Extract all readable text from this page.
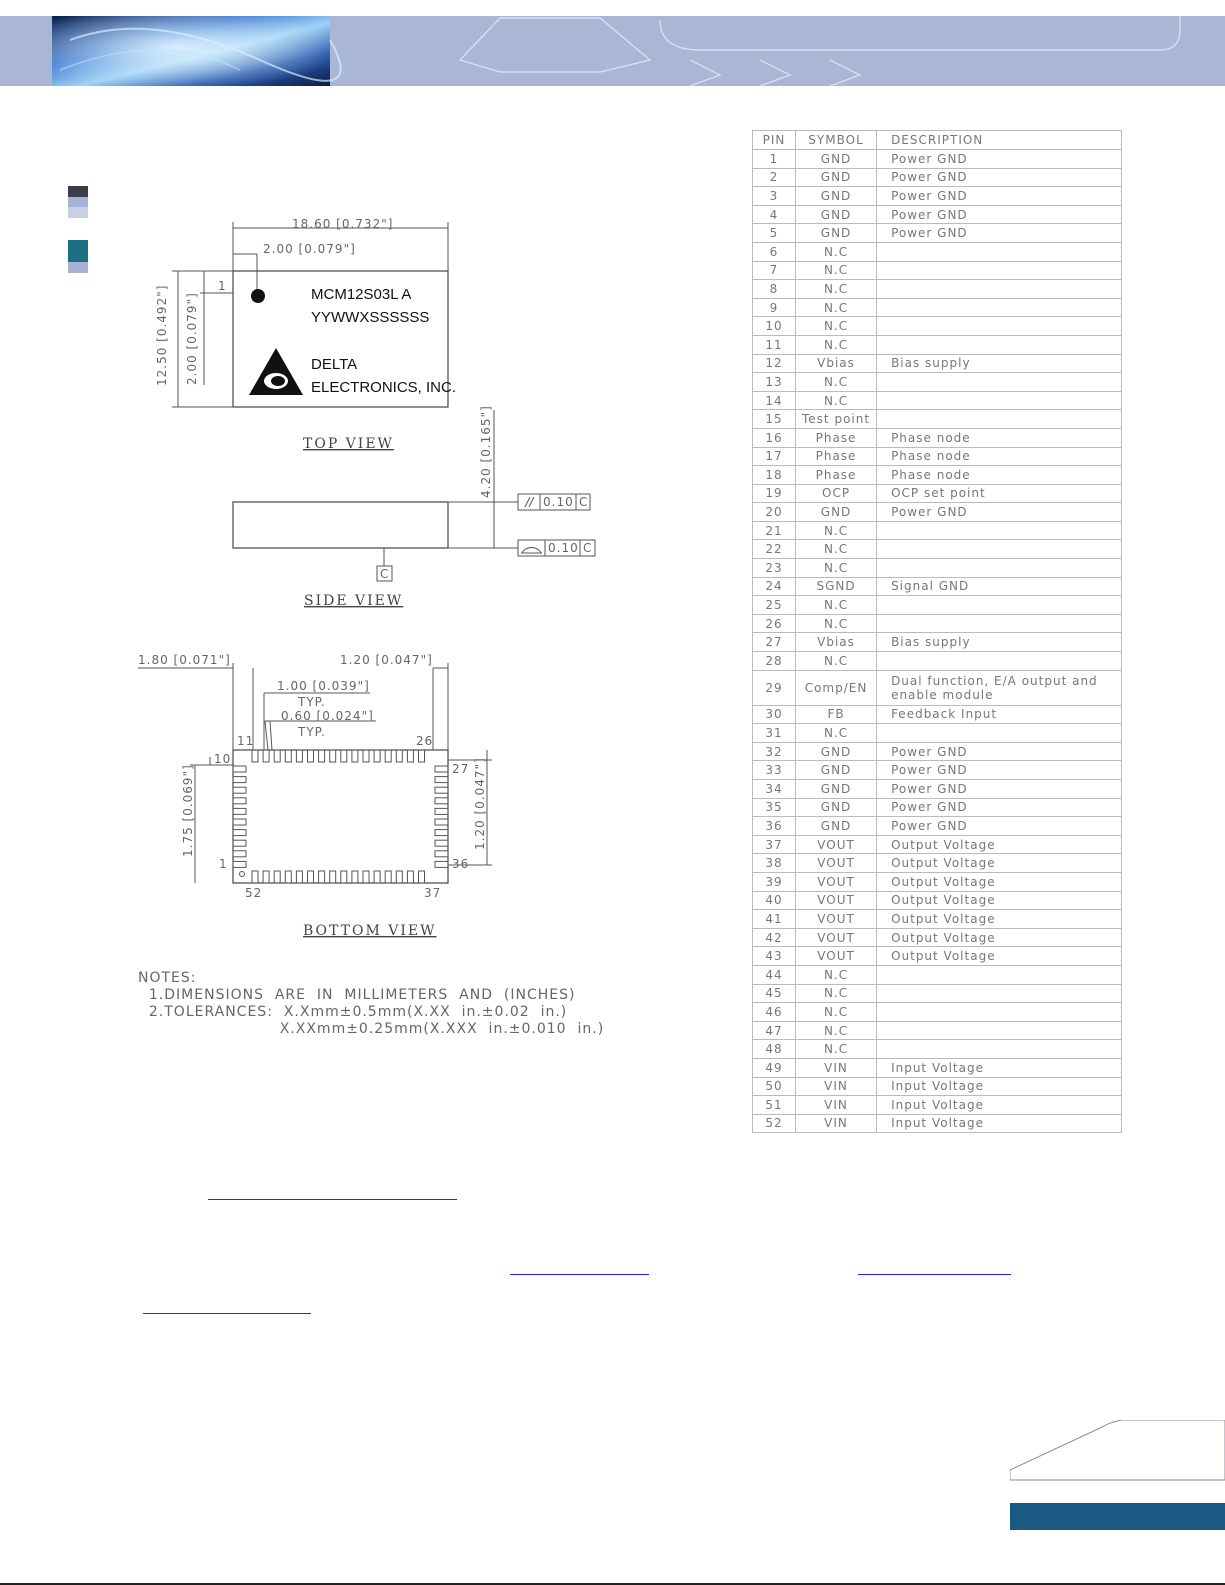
18.60 [0.732"]
2.00 [0.079"]
1
12.50 [0.492"] 2.00 [0.079"]	MCM12S03L A
YYWWXSSSSSS
DELTA
ELECTRONICS, INC.
TOP VIEW	4.20 [0.165"]
0.10 C
0.10 C
C
SIDE VIEW
1.80 [0.071"]	1.20 [0.047"]
1.00 [0.039"]
TYP.
0.60 [0.024"]
TYP.
11	26
10
27
1.75 [0.069"]	1.20 [0.047"]
1	36
52	37
BOTTOM VIEW
NOTES:
1.DIMENSIONS  ARE  IN  MILLIMETERS  AND  (INCHES)
2.TOLERANCES:  X.Xmm±0.5mm(X.XX  in.±0.02  in.)
X.XXmm±0.25mm(X.XXX  in.±0.010  in.)
PIN	SYMBOL	DESCRIPTION
1	GND	Power GND
2	GND	Power GND
3	GND	Power GND
4	GND	Power GND
5	GND	Power GND
6	N.C	
7	N.C	
8	N.C	
9	N.C	
10	N.C	
11	N.C	
12	Vbias	Bias supply
13	N.C	
14	N.C	
15	Test point	
16	Phase	Phase node
17	Phase	Phase node
18	Phase	Phase node
19	OCP	OCP set point
20	GND	Power GND
21	N.C	
22	N.C	
23	N.C	
24	SGND	Signal GND
25	N.C	
26	N.C	
27	Vbias	Bias supply
28	N.C	
29	Comp/EN	Dual function, E/A output and enable module
30	FB	Feedback Input
31	N.C	
32	GND	Power GND
33	GND	Power GND
34	GND	Power GND
35	GND	Power GND
36	GND	Power GND
37	VOUT	Output Voltage
38	VOUT	Output Voltage
39	VOUT	Output Voltage
40	VOUT	Output Voltage
41	VOUT	Output Voltage
42	VOUT	Output Voltage
43	VOUT	Output Voltage
44	N.C	
45	N.C	
46	N.C	
47	N.C	
48	N.C	
49	VIN	Input Voltage
50	VIN	Input Voltage
51	VIN	Input Voltage
52	VIN	Input Voltage
